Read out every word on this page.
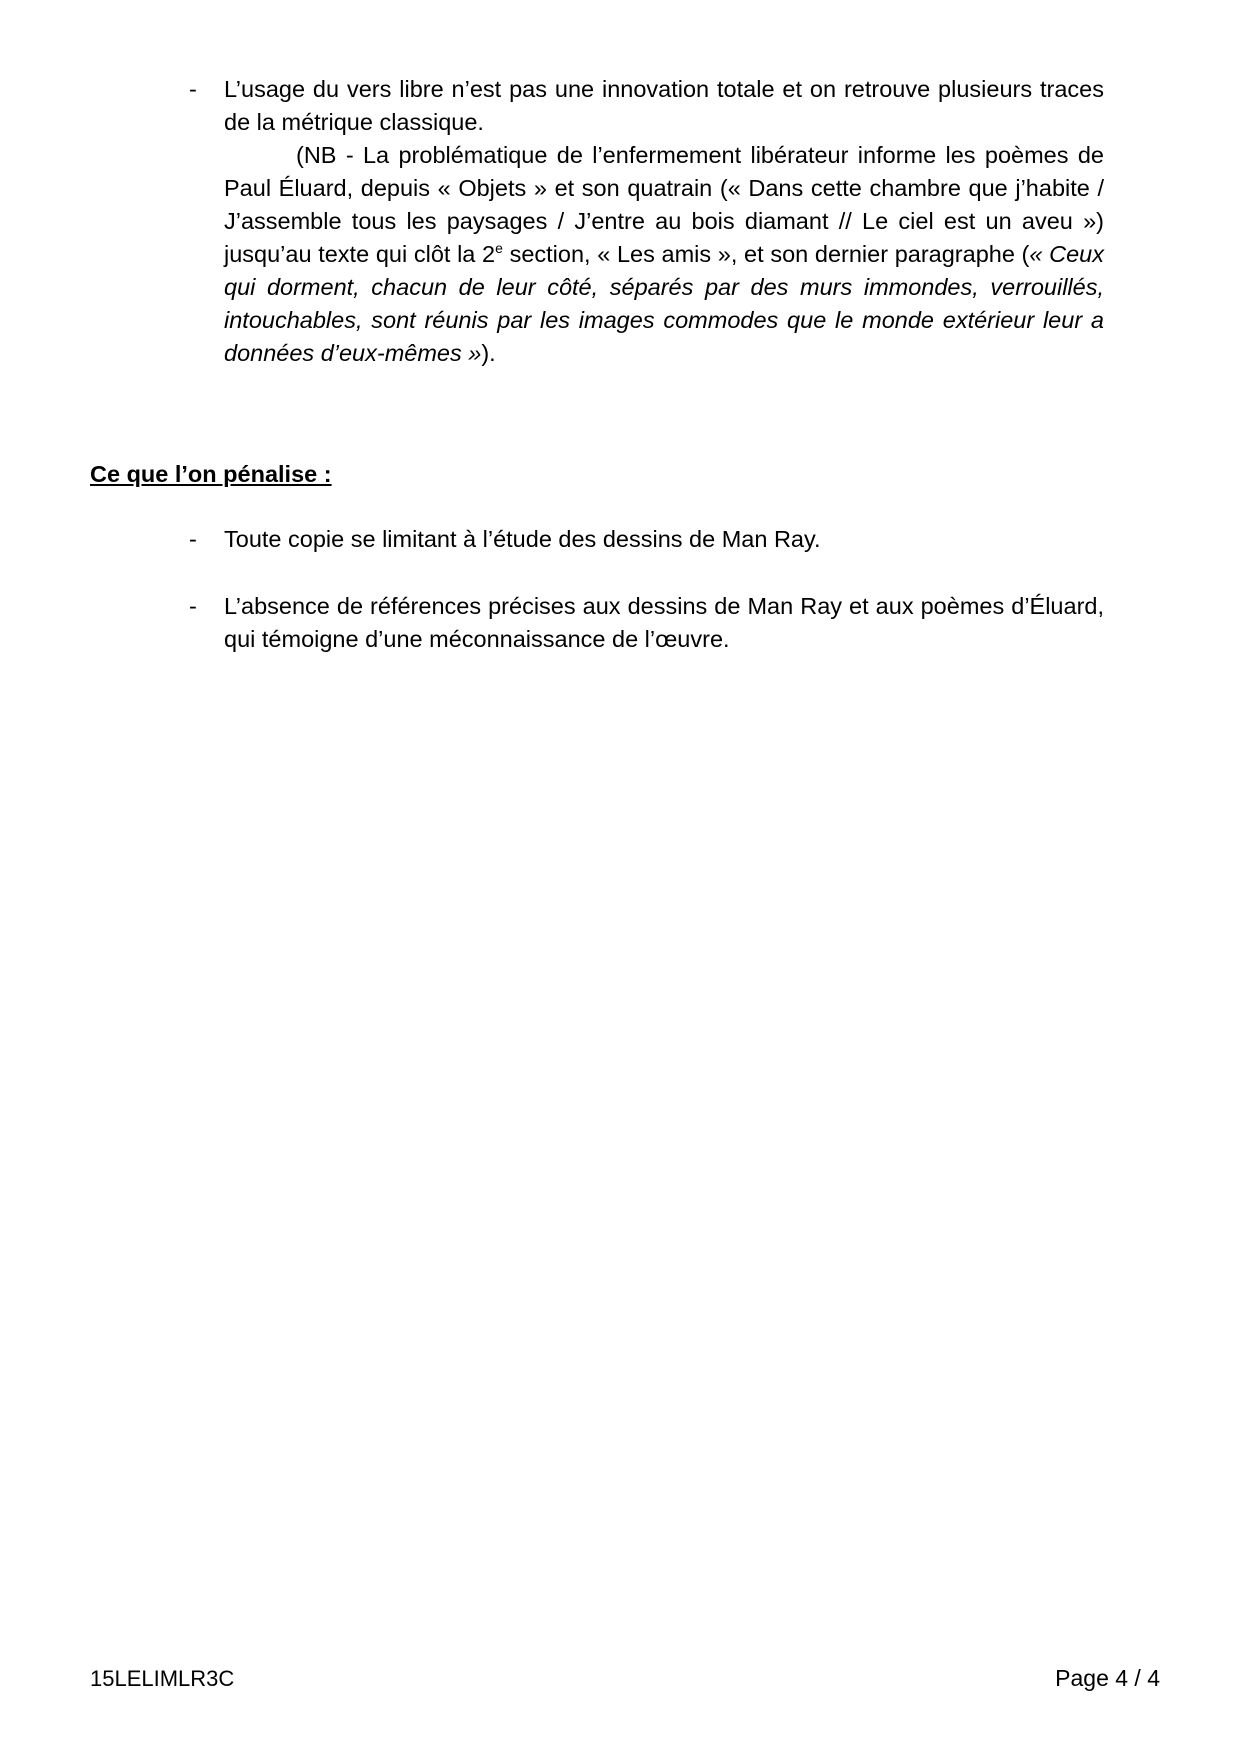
- L’usage du vers libre n’est pas une innovation totale et on retrouve plusieurs traces de la métrique classique.

(NB - La problématique de l’enfermement libérateur informe les poèmes de Paul Éluard, depuis « Objets » et son quatrain (« Dans cette chambre que j’habite / J’assemble tous les paysages / J’entre au bois diamant // Le ciel est un aveu ») jusqu’au texte qui clôt la 2e section, « Les amis », et son dernier paragraphe (« Ceux qui dorment, chacun de leur côté, séparés par des murs immondes, verrouillés, intouchables, sont réunis par les images commodes que le monde extérieur leur a données d’eux-mêmes »).

Ce que l’on pénalise :
- Toute copie se limitant à l’étude des dessins de Man Ray.
- L’absence de références précises aux dessins de Man Ray et aux poèmes d’Éluard, qui témoigne d’une méconnaissance de l’œuvre.
15LELIMLR3C	Page 4 / 4
